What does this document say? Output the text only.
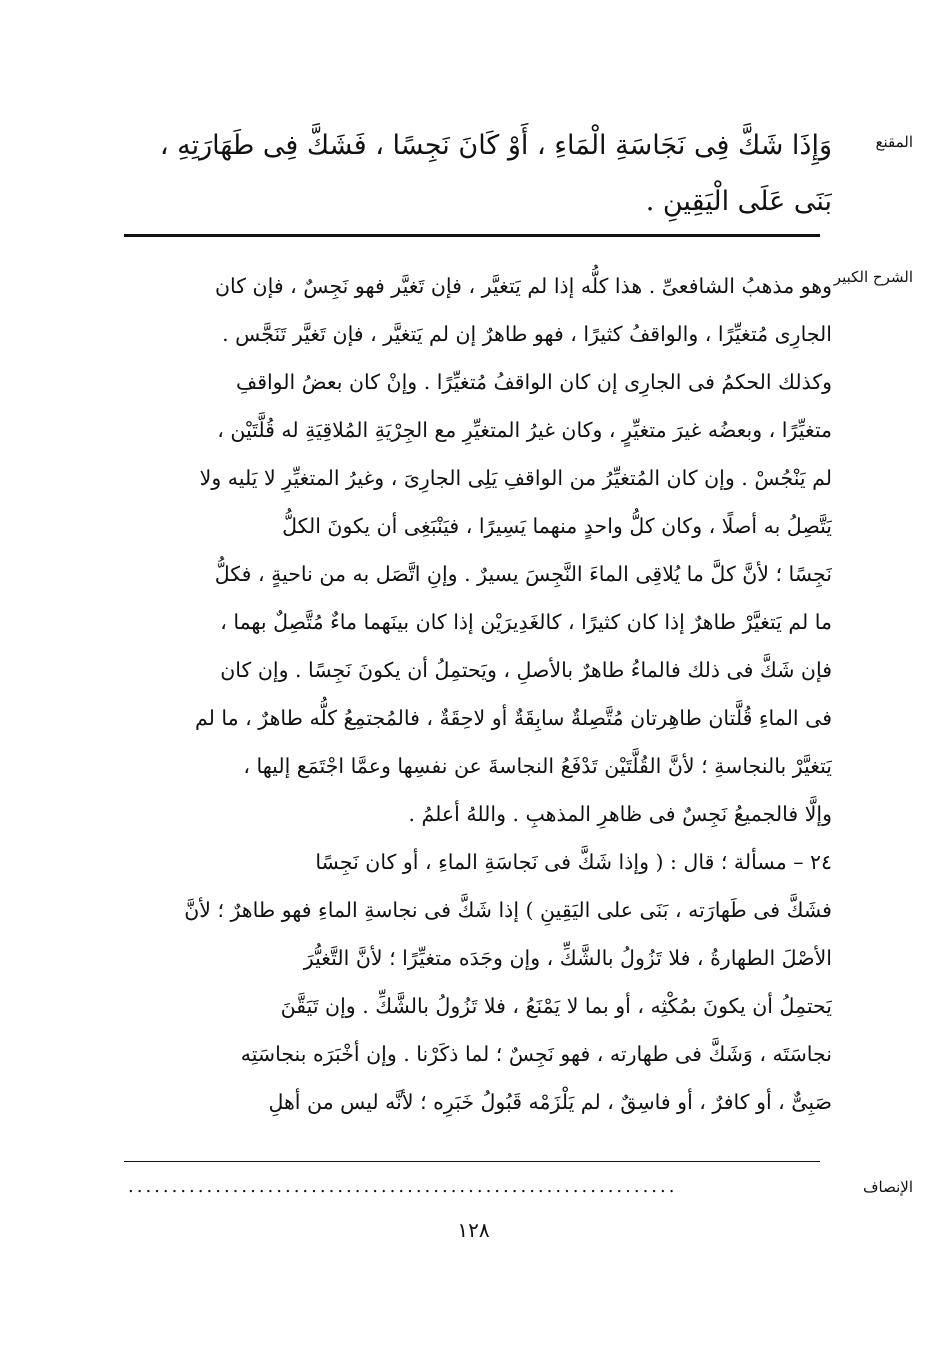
المقنع
وَإِذَا شَكَّ فِى نَجَاسَةِ الْمَاءِ ، أَوْ كَانَ نَجِسًا ، فَشَكَّ فِى طَهَارَتِهِ ،
بَنَى عَلَى الْيَقِينِ .
الشرح الكبير
وهو مذهبُ الشافعىِّ . هذا كلُّه إذا لم يَتغيَّر ، فإن تَغيَّر فهو نَجِسٌ ، فإن كان
الجارِى مُتغيِّرًا ، والواقفُ كثيرًا ، فهو طاهرٌ إن لم يَتغيَّر ، فإن تَغيَّر تَنَجَّس .
وكذلك الحكمُ فى الجارِى إن كان الواقفُ مُتغيِّرًا . وإنْ كان بعضُ الواقفِ
متغيِّرًا ، وبعضُه غيرَ متغيِّرٍ ، وكان غيرُ المتغيِّرِ مع الجِرْيَةِ المُلاقِيَةِ له قُلَّتَيْن ،
لم يَنْجُسْ . وإن كان المُتغيِّرُ من الواقفِ يَلِى الجارِىَ ، وغيرُ المتغيِّرِ لا يَليه ولا
يَتَّصِلُ به أصلًا ، وكان كلُّ واحدٍ منهما يَسِيرًا ، فيَنْبَغِى أن يكونَ الكلُّ
نَجِسًا ؛ لأنَّ كلَّ ما يُلاقِى الماءَ النَّجِسَ يسيرٌ . وإنِ اتَّصَل به من ناحيةٍ ، فكلُّ
ما لم يَتغيَّرْ طاهرٌ إذا كان كثيرًا ، كالغَدِيرَيْن إذا كان بينَهما ماءٌ مُتَّصِلٌ بهما ،
فإن شَكَّ فى ذلك فالماءُ طاهرٌ بالأصلِ ، ويَحتمِلُ أن يكونَ نَجِسًا . وإن كان
فى الماءِ قُلَّتان طاهِرتان مُتَّصِلةٌ سابِقَةٌ أو لاحِقَةٌ ، فالمُجتمِعُ كلُّه طاهرٌ ، ما لم
يَتغيَّرْ بالنجاسةِ ؛ لأنَّ القُلَّتَيْن تَدْفَعُ النجاسةَ عن نفسِها وعمَّا اجْتَمَع إليها ،
وإلَّا فالجميعُ نَجِسٌ فى ظاهرِ المذهبِ . واللهُ أعلمُ .
٢٤ – مسألة ؛ قال : ( وإذا شَكَّ فى نَجاسَةِ الماءِ ، أو كان نَجِسًا
فشَكَّ فى طَهارَته ، بَنَى على اليَقِينِ ) إذا شَكَّ فى نجاسةِ الماءِ فهو طاهرٌ ؛ لأنَّ
الأصْلَ الطهارةُ ، فلا تَزُولُ بالشَّكِّ ، وإن وجَدَه متغيِّرًا ؛ لأنَّ التَّغيُّرَ
يَحتمِلُ أن يكونَ بمُكْثِه ، أو بما لا يَمْنَعُ ، فلا تَزُولُ بالشَّكِّ . وإن تَيَقَّنَ
نجاسَتَه ، وَشَكَّ فى طهارته ، فهو نَجِسٌ ؛ لما ذكَرْنا . وإن أخْبَرَه بنجاسَتِه
صَبِىٌّ ، أو كافرٌ ، أو فاسِقٌ ، لم يَلْزَمْه قَبُولُ خَبَرِه ؛ لأنَّه ليس من أهلِ
الإنصاف
...............................................................
١٢٨
